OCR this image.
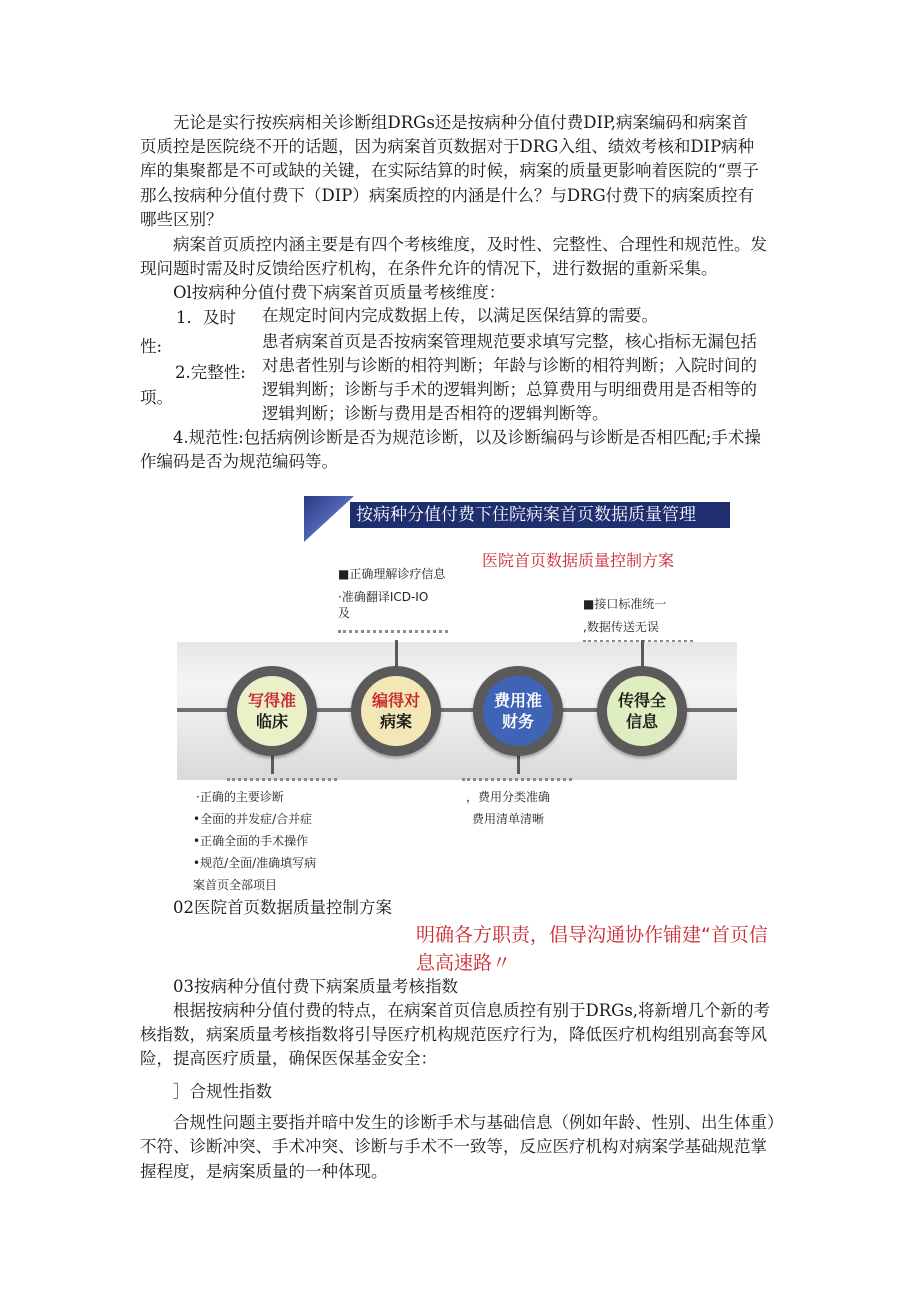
无论是实行按疾病相关诊断组DRGs还是按病种分值付费DIP,病案编码和病案首
页质控是医院绕不开的话题，因为病案首页数据对于DRG入组、绩效考核和DIP病种
库的集聚都是不可或缺的关键，在实际结算的时候，病案的质量更影响着医院的“票子
那么按病种分值付费下（DIP）病案质控的内涵是什么？与DRG付费下的病案质控有
哪些区别？
病案首页质控内涵主要是有四个考核维度，及时性、完整性、合理性和规范性。发
现问题时需及时反馈给医疗机构，在条件允许的情况下，进行数据的重新采集。
Ol按病种分值付费下病案首页质量考核维度：
1．及时 在规定时间内完成数据上传，以满足医保结算的需要。
性:
2.完整性:
项。
患者病案首页是否按病案管理规范要求填写完整，核心指标无漏包括
对患者性别与诊断的相符判断；年龄与诊断的相符判断；入院时间的
逻辑判断；诊断与手术的逻辑判断；总算费用与明细费用是否相等的
逻辑判断；诊断与费用是否相符的逻辑判断等。
4.规范性:包括病例诊断是否为规范诊断，以及诊断编码与诊断是否相匹配;手术操
作编码是否为规范编码等。
按病种分值付费下住院病案首页数据质量管理
医院首页数据质量控制方案
■正确理解诊疗信息
·准确翻译ICD-IO
及
■接口标准统一
,数据传送无误
写得准
临床
编得对
病案
费用准
财务
传得全
信息
·正确的主要诊断
•全面的并发症/合并症
•正确全面的手术操作
•规范/全面/准确填写病
案首页全部项目
，费用分类准确
费用清单清晰
02医院首页数据质量控制方案
明确各方职责，倡导沟通协作铺建“首页信
息高速路〃
03按病种分值付费下病案质量考核指数
根据按病种分值付费的特点，在病案首页信息质控有别于DRGs,将新增几个新的考
核指数，病案质量考核指数将引导医疗机构规范医疗行为，降低医疗机构组别高套等风
险，提高医疗质量，确保医保基金安全：
］合规性指数
合规性问题主要指并暗中发生的诊断手术与基础信息（例如年龄、性别、出生体重）
不符、诊断冲突、手术冲突、诊断与手术不一致等，反应医疗机构对病案学基础规范掌
握程度，是病案质量的一种体现。
